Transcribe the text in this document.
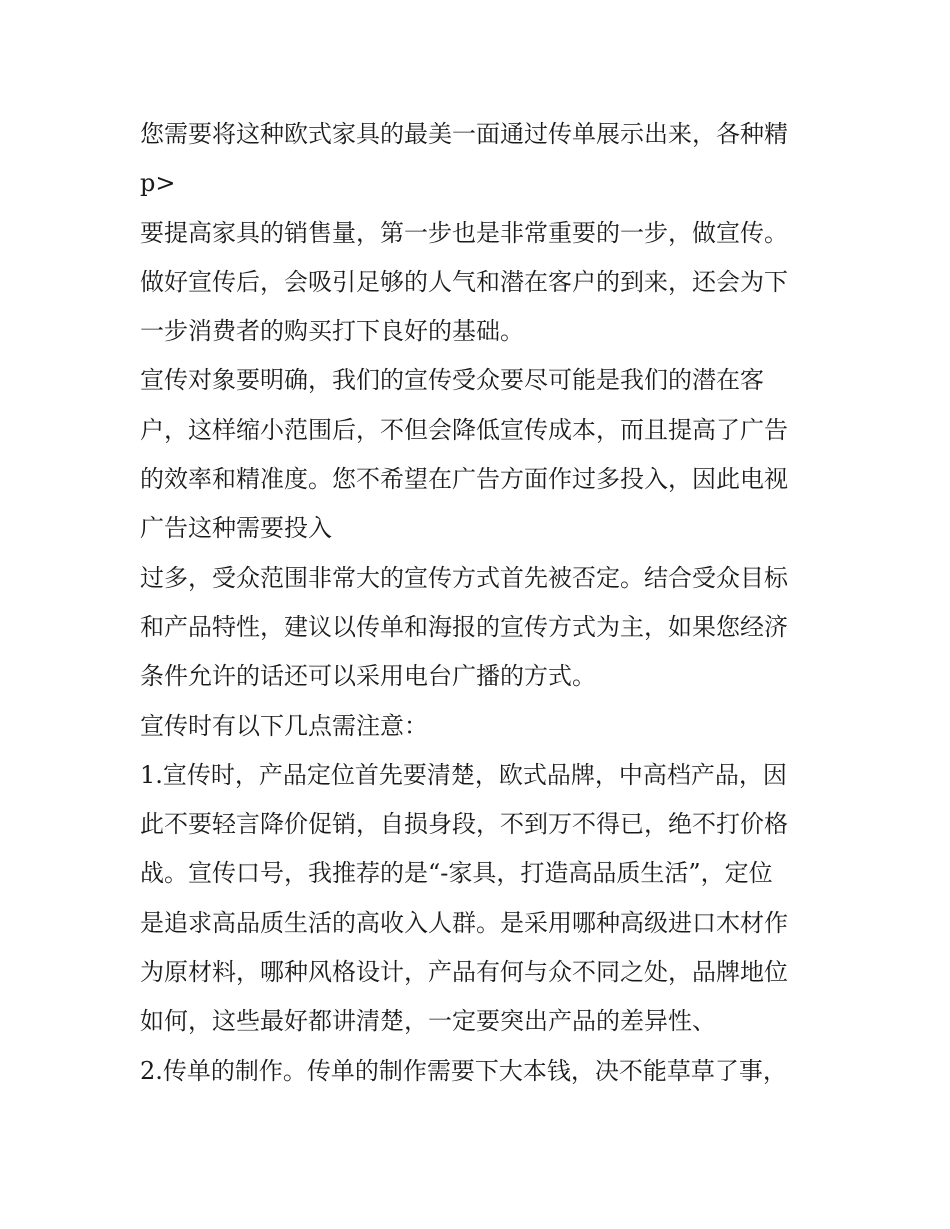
您需要将这种欧式家具的最美一面通过传单展示出来，各种精
p>
要提高家具的销售量，第一步也是非常重要的一步，做宣传。
做好宣传后，会吸引足够的人气和潜在客户的到来，还会为下
一步消费者的购买打下良好的基础。
宣传对象要明确，我们的宣传受众要尽可能是我们的潜在客
户，这样缩小范围后，不但会降低宣传成本，而且提高了广告
的效率和精准度。您不希望在广告方面作过多投入，因此电视
广告这种需要投入
过多，受众范围非常大的宣传方式首先被否定。结合受众目标
和产品特性，建议以传单和海报的宣传方式为主，如果您经济
条件允许的话还可以采用电台广播的方式。
宣传时有以下几点需注意：
1.宣传时，产品定位首先要清楚，欧式品牌，中高档产品，因
此不要轻言降价促销，自损身段，不到万不得已，绝不打价格
战。宣传口号，我推荐的是“-家具，打造高品质生活”，定位
是追求高品质生活的高收入人群。是采用哪种高级进口木材作
为原材料，哪种风格设计，产品有何与众不同之处，品牌地位
如何，这些最好都讲清楚，一定要突出产品的差异性、
2.传单的制作。传单的制作需要下大本钱，决不能草草了事，
